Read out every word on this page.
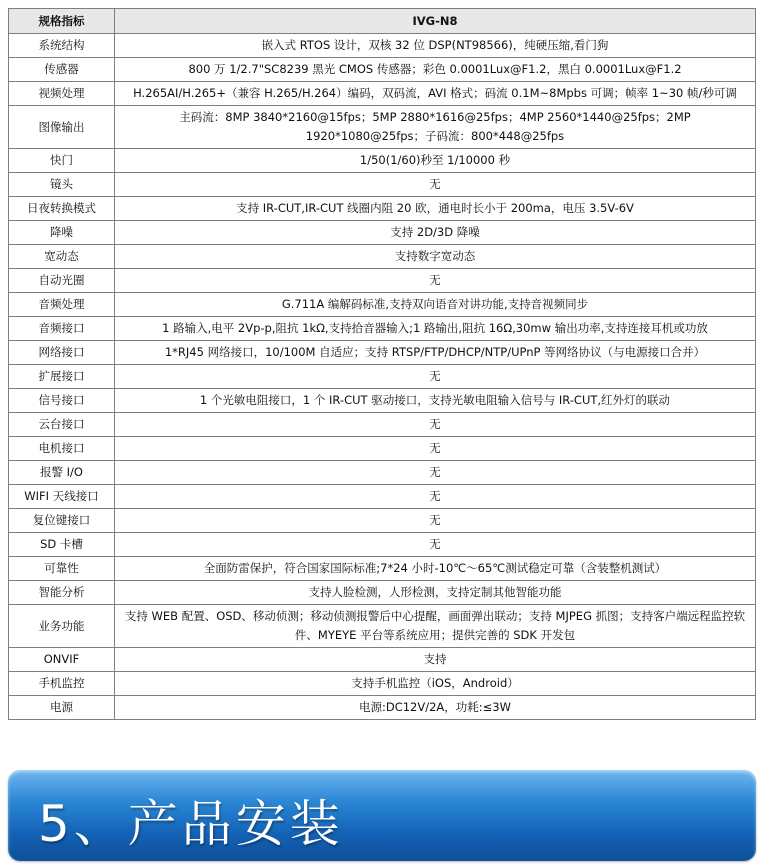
规格指标	IVG-N8
系统结构	嵌入式 RTOS 设计，双核 32 位 DSP(NT98566)，纯硬压缩,看门狗
传感器	800 万 1/2.7"SC8239 黑光 CMOS 传感器；彩色 0.0001Lux@F1.2，黑白 0.0001Lux@F1.2
视频处理	H.265AI/H.265+（兼容 H.265/H.264）编码，双码流，AVI 格式；码流 0.1M~8Mpbs 可调；帧率 1~30 帧/秒可调
图像输出	主码流：8MP 3840*2160@15fps；5MP 2880*1616@25fps；4MP 2560*1440@25fps；2MP 1920*1080@25fps；子码流：800*448@25fps
快门	1/50(1/60)秒至 1/10000 秒
镜头	无
日夜转换模式	支持 IR-CUT,IR-CUT 线圈内阻 20 欧，通电时长小于 200ma，电压 3.5V-6V
降噪	支持 2D/3D 降噪
宽动态	支持数字宽动态
自动光圈	无
音频处理	G.711A 编解码标准,支持双向语音对讲功能,支持音视频同步
音频接口	1 路输入,电平 2Vp-p,阻抗 1kΩ,支持拾音器输入;1 路输出,阻抗 16Ω,30mw 输出功率,支持连接耳机或功放
网络接口	1*RJ45 网络接口，10/100M 自适应；支持 RTSP/FTP/DHCP/NTP/UPnP 等网络协议（与电源接口合并）
扩展接口	无
信号接口	1 个光敏电阻接口，1 个 IR-CUT 驱动接口，支持光敏电阻输入信号与 IR-CUT,红外灯的联动
云台接口	无
电机接口	无
报警 I/O	无
WIFI 天线接口	无
复位键接口	无
SD 卡槽	无
可靠性	全面防雷保护，符合国家国际标准;7*24 小时-10℃～65℃测试稳定可靠（含装整机测试）
智能分析	支持人脸检测，人形检测，支持定制其他智能功能
业务功能	支持 WEB 配置、OSD、移动侦测；移动侦测报警后中心提醒，画面弹出联动；支持 MJPEG 抓图；支持客户端远程监控软件、MYEYE 平台等系统应用；提供完善的 SDK 开发包
ONVIF	支持
手机监控	支持手机监控（iOS，Android）
电源	电源:DC12V/2A，功耗:≤3W
5、产品安装
